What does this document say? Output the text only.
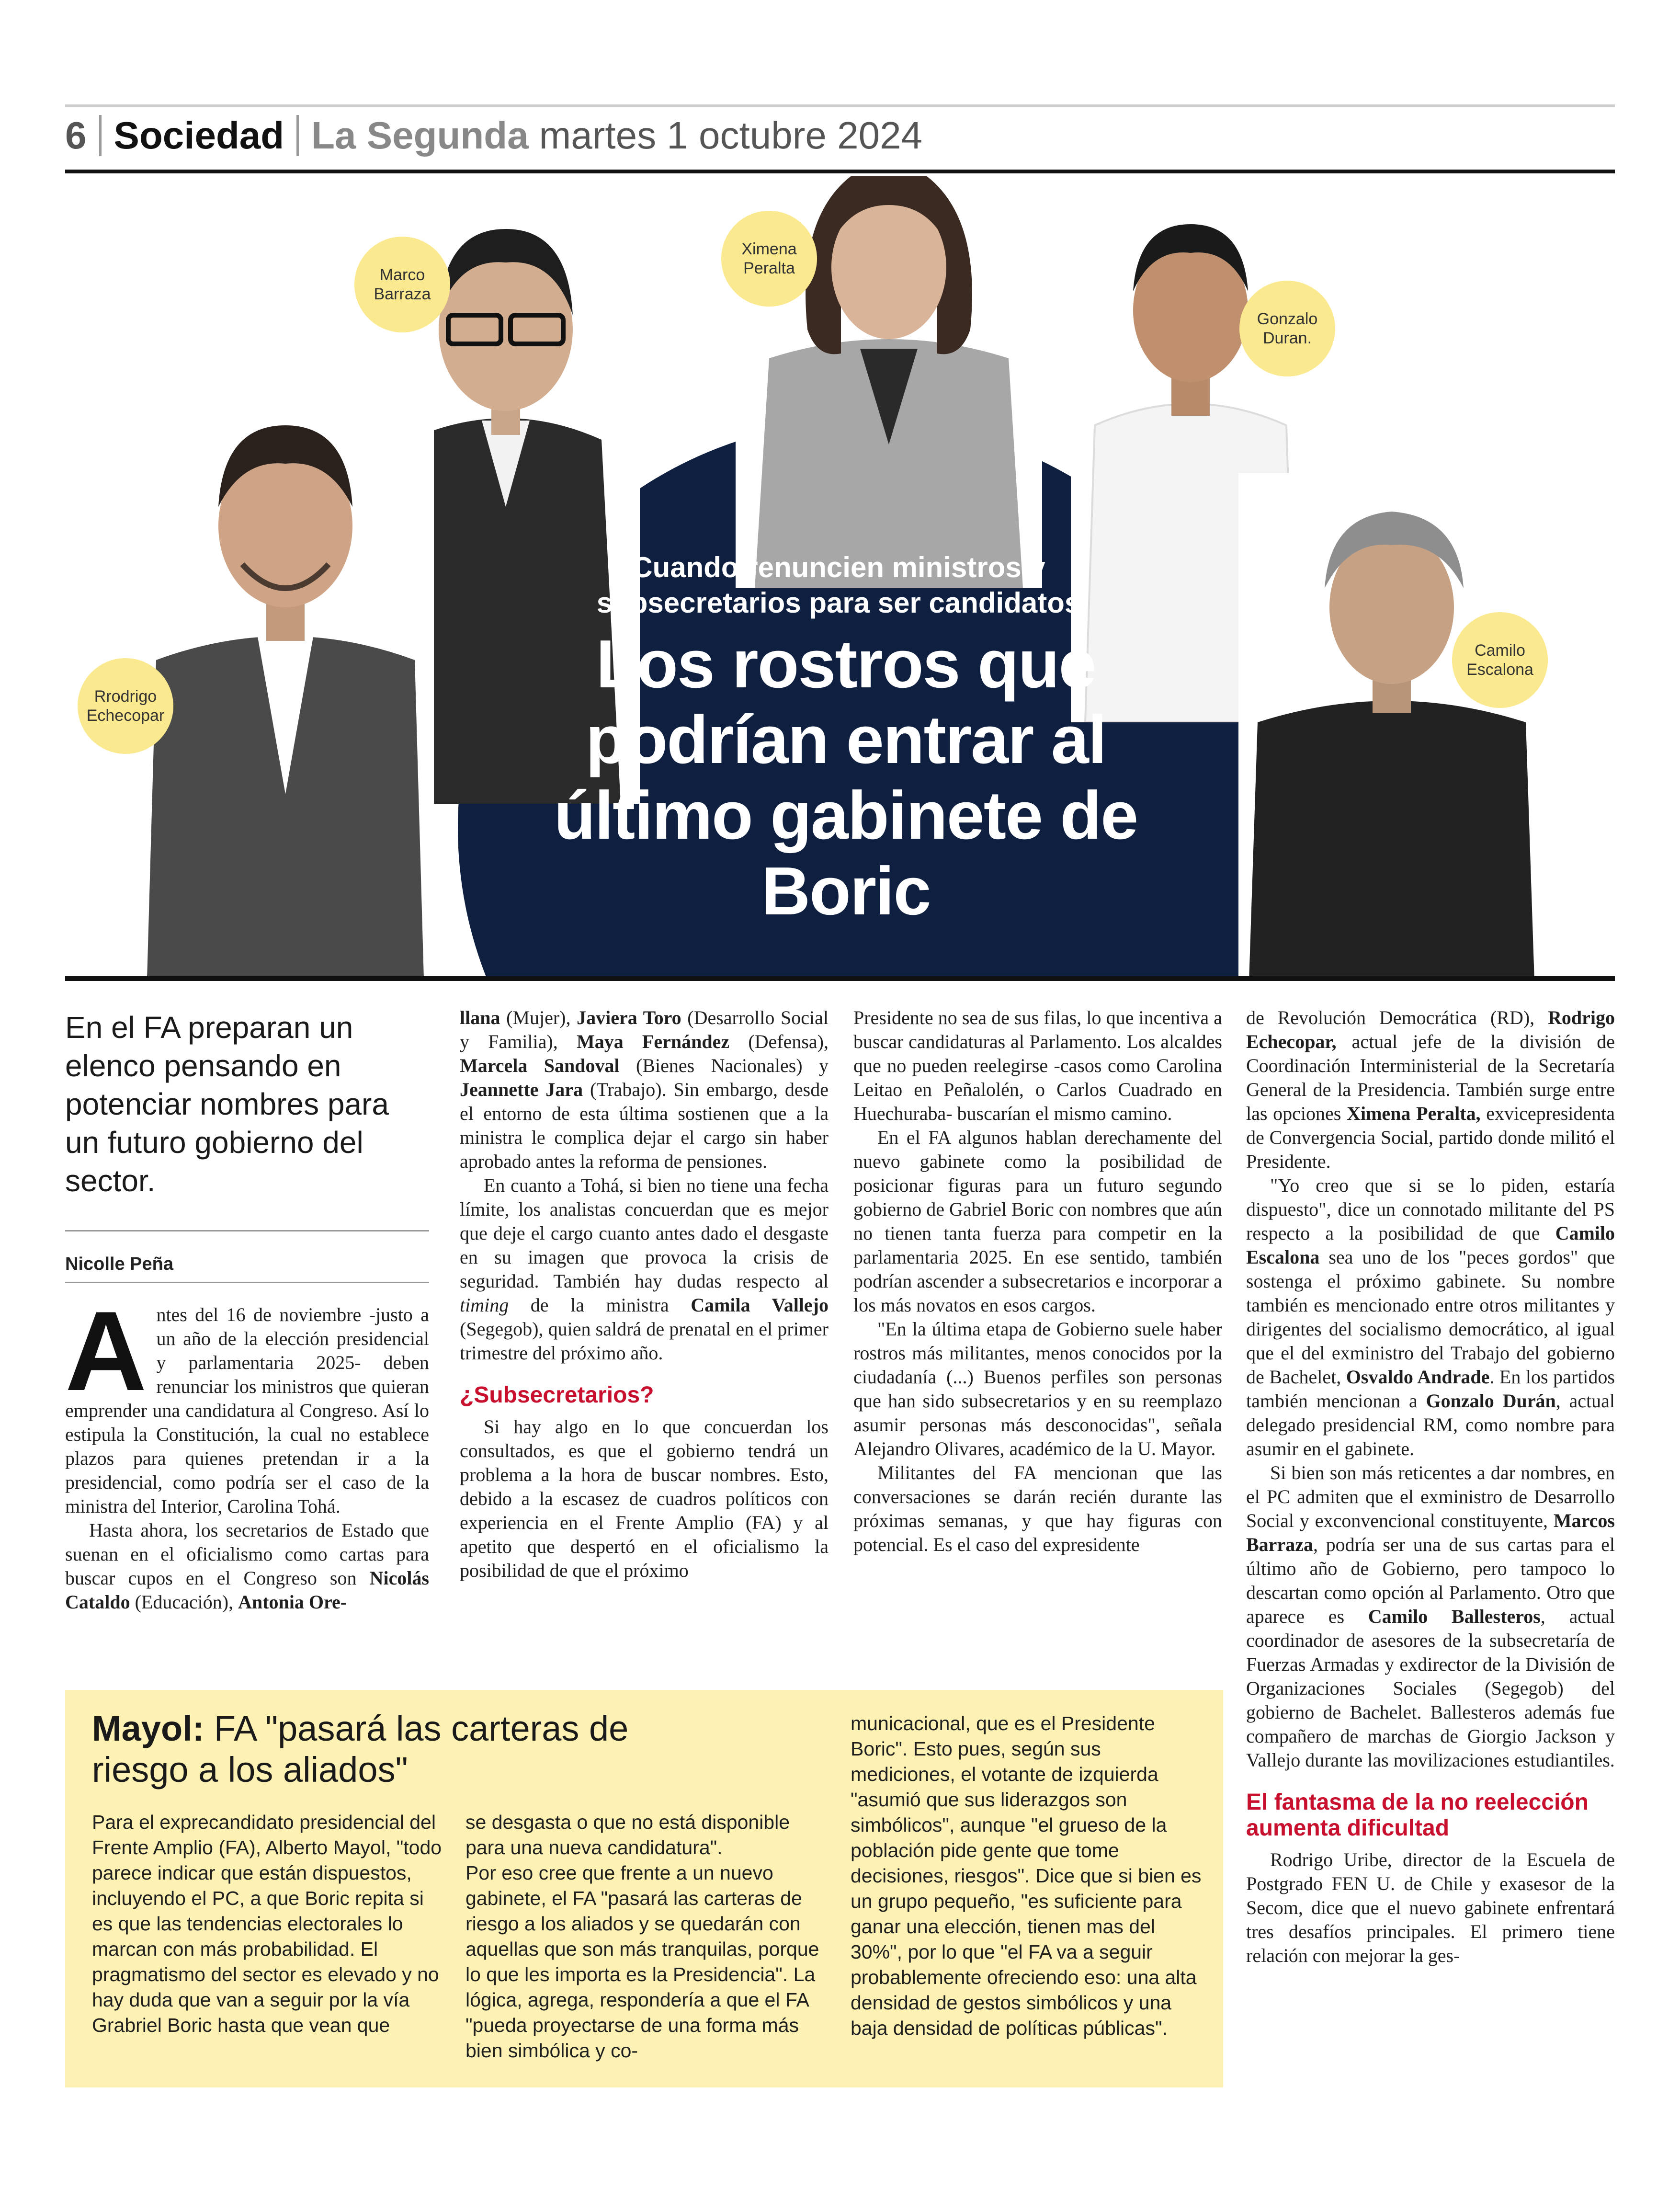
6 Sociedad La Segunda martes 1 octubre 2024
Marco Barraza
Ximena Peralta
Gonzalo Duran.
Rrodrigo Echecopar
Camilo Escalona
Cuando renuncien ministros y subsecretarios para ser candidatos
Los rostros que podrían entrar al último gabinete de Boric
En el FA preparan un elenco pensando en potenciar nombres para un futuro gobierno del sector.
Nicolle Peña

Antes del 16 de noviembre -justo a un año de la elección presidencial y parlamentaria 2025- deben renunciar los ministros que quieran emprender una candidatura al Congreso. Así lo estipula la Constitución, la cual no establece plazos para quienes pretendan ir a la presidencial, como podría ser el caso de la ministra del Interior, Carolina Tohá.

Hasta ahora, los secretarios de Estado que suenan en el oficialismo como cartas para buscar cupos en el Congreso son Nicolás Cataldo (Educación), Antonia Ore-

llana (Mujer), Javiera Toro (Desarrollo Social y Familia), Maya Fernández (Defensa), Marcela Sandoval (Bienes Nacionales) y Jeannette Jara (Trabajo). Sin embargo, desde el entorno de esta última sostienen que a la ministra le complica dejar el cargo sin haber aprobado antes la reforma de pensiones.

En cuanto a Tohá, si bien no tiene una fecha límite, los analistas concuerdan que es mejor que deje el cargo cuanto antes dado el desgaste en su imagen que provoca la crisis de seguridad. También hay dudas respecto al timing de la ministra Camila Vallejo (Segegob), quien saldrá de prenatal en el primer trimestre del próximo año.

¿Subsecretarios?

Si hay algo en lo que concuerdan los consultados, es que el gobierno tendrá un problema a la hora de buscar nombres. Esto, debido a la escasez de cuadros políticos con experiencia en el Frente Amplio (FA) y al apetito que despertó en el oficialismo la posibilidad de que el próximo

Presidente no sea de sus filas, lo que incentiva a buscar candidaturas al Parlamento. Los alcaldes que no pueden reelegirse -casos como Carolina Leitao en Peñalolén, o Carlos Cuadrado en Huechuraba- buscarían el mismo camino.

En el FA algunos hablan derechamente del nuevo gabinete como la posibilidad de posicionar figuras para un futuro segundo gobierno de Gabriel Boric con nombres que aún no tienen tanta fuerza para competir en la parlamentaria 2025. En ese sentido, también podrían ascender a subsecretarios e incorporar a los más novatos en esos cargos.

"En la última etapa de Gobierno suele haber rostros más militantes, menos conocidos por la ciudadanía (...) Buenos perfiles son personas que han sido subsecretarios y en su reemplazo asumir personas más desconocidas", señala Alejandro Olivares, académico de la U. Mayor.

Militantes del FA mencionan que las conversaciones se darán recién durante las próximas semanas, y que hay figuras con potencial. Es el caso del expresidente

de Revolución Democrática (RD), Rodrigo Echecopar, actual jefe de la división de Coordinación Interministerial de la Secretaría General de la Presidencia. También surge entre las opciones Ximena Peralta, exvicepresidenta de Convergencia Social, partido donde militó el Presidente.

"Yo creo que si se lo piden, estaría dispuesto", dice un connotado militante del PS respecto a la posibilidad de que Camilo Escalona sea uno de los "peces gordos" que sostenga el próximo gabinete. Su nombre también es mencionado entre otros militantes y dirigentes del socialismo democrático, al igual que el del exministro del Trabajo del gobierno de Bachelet, Osvaldo Andrade. En los partidos también mencionan a Gonzalo Durán, actual delegado presidencial RM, como nombre para asumir en el gabinete.

Si bien son más reticentes a dar nombres, en el PC admiten que el exministro de Desarrollo Social y exconvencional constituyente, Marcos Barraza, podría ser una de sus cartas para el último año de Gobierno, pero tampoco lo descartan como opción al Parlamento. Otro que aparece es Camilo Ballesteros, actual coordinador de asesores de la subsecretaría de Fuerzas Armadas y exdirector de la División de Organizaciones Sociales (Segegob) del gobierno de Bachelet. Ballesteros además fue compañero de marchas de Giorgio Jackson y Vallejo durante las movilizaciones estudiantiles.

El fantasma de la no reelección aumenta dificultad

Rodrigo Uribe, director de la Escuela de Postgrado FEN U. de Chile y exasesor de la Secom, dice que el nuevo gabinete enfrentará tres desafíos principales. El primero tiene relación con mejorar la ges-

Mayol: FA "pasará las carteras de riesgo a los aliados"

Para el exprecandidato presidencial del Frente Amplio (FA), Alberto Mayol, "todo parece indicar que están dispuestos, incluyendo el PC, a que Boric repita si es que las tendencias electorales lo marcan con más probabilidad. El pragmatismo del sector es elevado y no hay duda que van a seguir por la vía Grabriel Boric hasta que vean que

se desgasta o que no está disponible para una nueva candidatura".

Por eso cree que frente a un nuevo gabinete, el FA "pasará las carteras de riesgo a los aliados y se quedarán con aquellas que son más tranquilas, porque lo que les importa es la Presidencia". La lógica, agrega, respondería a que el FA "pueda proyectarse de una forma más bien simbólica y co-

municacional, que es el Presidente Boric". Esto pues, según sus mediciones, el votante de izquierda "asumió que sus liderazgos son simbólicos", aunque "el grueso de la población pide gente que tome decisiones, riesgos". Dice que si bien es un grupo pequeño, "es suficiente para ganar una elección, tienen mas del 30%", por lo que "el FA va a seguir probablemente ofreciendo eso: una alta densidad de gestos simbólicos y una baja densidad de políticas públicas".
